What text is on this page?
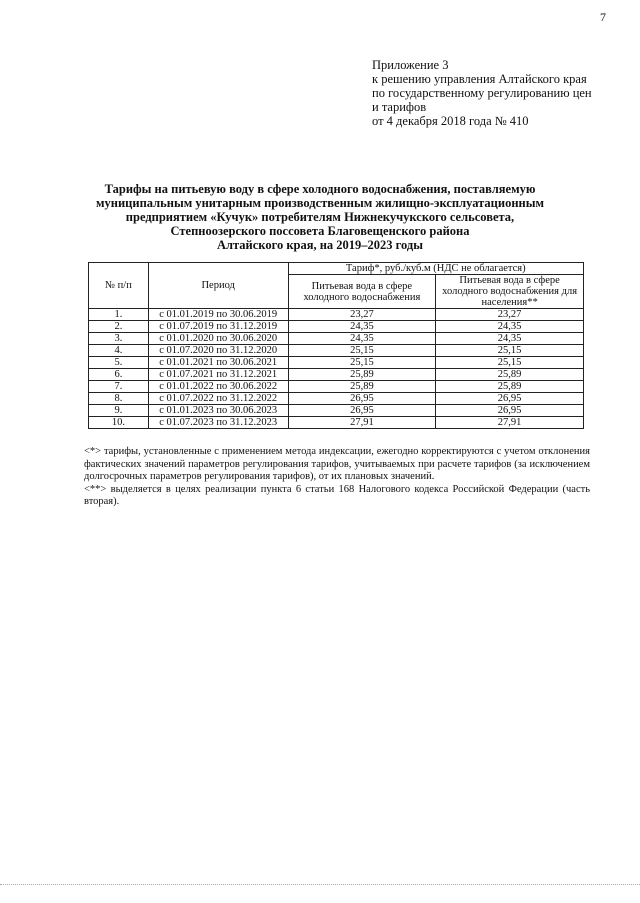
7
Приложение 3
к решению управления Алтайского края
по государственному регулированию цен
и тарифов
от 4 декабря 2018 года № 410
Тарифы на питьевую воду в сфере холодного водоснабжения, поставляемую
муниципальным унитарным производственным жилищно-эксплуатационным
предприятием «Кучук» потребителям Нижнекучукского сельсовета,
Степноозерского поссовета Благовещенского района
Алтайского края, на 2019–2023 годы
№ п/п	Период	Тариф*, руб./куб.м (НДС не облагается)	
		Питьевая вода в сфере холодного водоснабжения	Питьевая вода в сфере холодного водоснабжения для населения**
1.	с 01.01.2019 по 30.06.2019	23,27	23,27
2.	с 01.07.2019 по 31.12.2019	24,35	24,35
3.	с 01.01.2020 по 30.06.2020	24,35	24,35
4.	с 01.07.2020 по 31.12.2020	25,15	25,15
5.	с 01.01.2021 по 30.06.2021	25,15	25,15
6.	с 01.07.2021 по 31.12.2021	25,89	25,89
7.	с 01.01.2022 по 30.06.2022	25,89	25,89
8.	с 01.07.2022 по 31.12.2022	26,95	26,95
9.	с 01.01.2023 по 30.06.2023	26,95	26,95
10.	с 01.07.2023 по 31.12.2023	27,91	27,91

<*> тарифы, установленные с применением метода индексации, ежегодно корректируются с учетом отклонения фактических значений параметров регулирования тарифов, учитываемых при расчете тарифов (за исключением долгосрочных параметров регулирования тарифов), от их плановых значений.

<**> выделяется в целях реализации пункта 6 статьи 168 Налогового кодекса Российской Федерации (часть вторая).
